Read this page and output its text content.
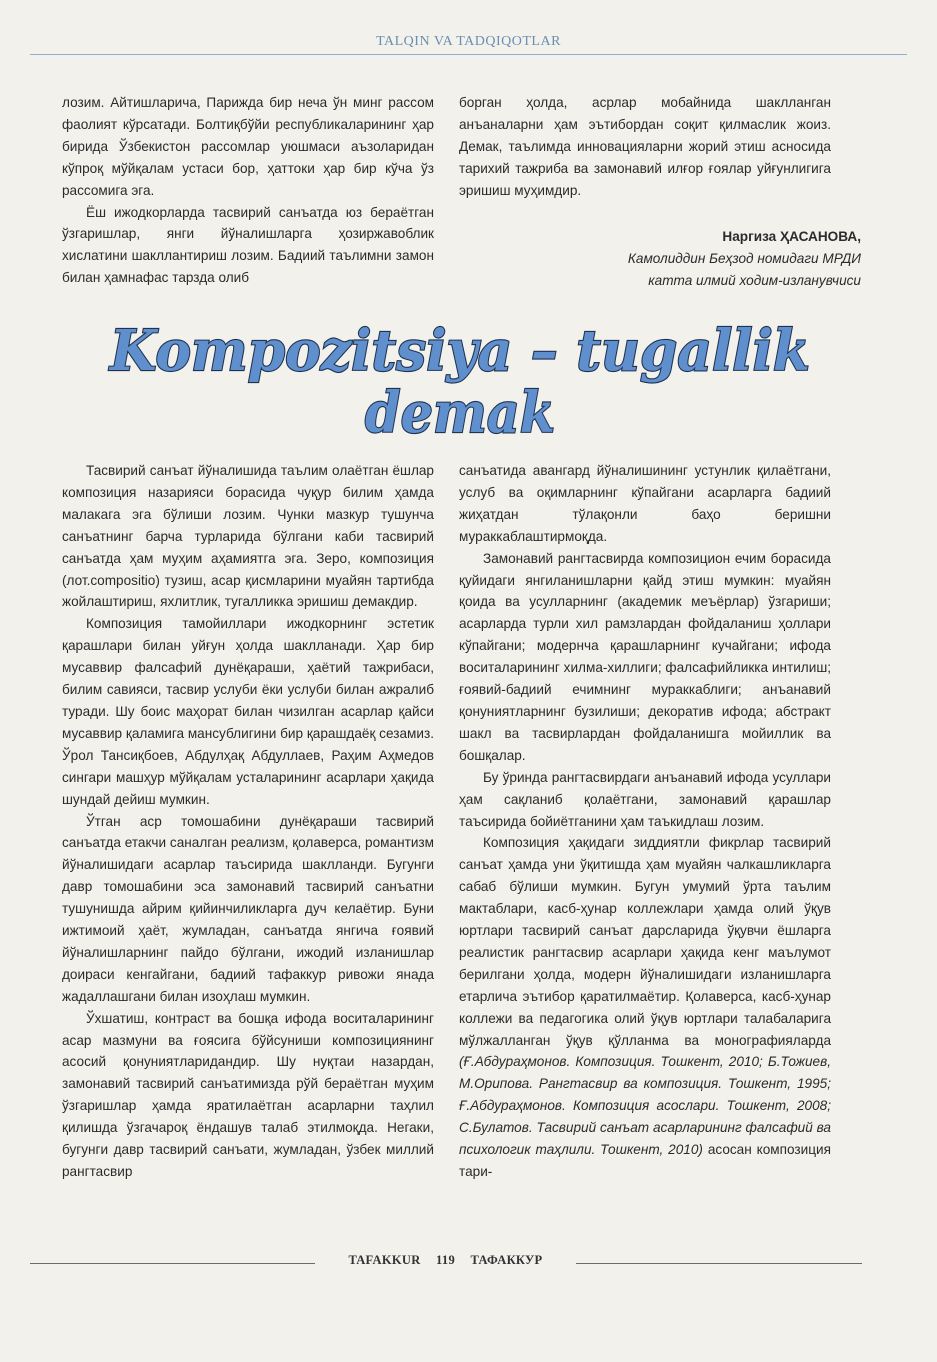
TALQIN VA TADQIQOTLAR

лозим. Айтишларича, Парижда бир неча ўн минг рассом фаолият кўрсатади. Болтиқбўйи республикаларининг ҳар бирида Ўзбекистон рассомлар уюшмаси аъзоларидан кўпроқ мўйқалам устаси бор, ҳаттоки ҳар бир кўча ўз рассомига эга.

Ёш ижодкорларда тасвирий санъатда юз бераётган ўзгаришлар, янги йўналишларга ҳозиржавоблик хислатини шакллантириш лозим. Бадиий таълимни замон билан ҳамнафас тарзда олиб

борган ҳолда, асрлар мобайнида шаклланган анъаналарни ҳам эътибордан соқит қилмаслик жоиз. Демак, таълимда инновацияларни жорий этиш асносида тарихий тажриба ва замонавий илғор ғоялар уйғунлигига эришиш муҳимдир.

Наргиза ҲАСАНОВА,
Камолиддин Беҳзод номидаги МРДИ
катта илмий ходим-изланувчиси
Kompozitsiya – tugallik
demak

Тасвирий санъат йўналишида таълим олаётган ёшлар композиция назарияси борасида чуқур билим ҳамда малакага эга бўлиши лозим. Чунки мазкур тушунча санъатнинг барча турларида бўлгани каби тасвирий санъатда ҳам муҳим аҳамиятга эга. Зеро, композиция (лот.compositio) тузиш, асар қисмларини муайян тартибда жойлаштириш, яхлитлик, тугалликка эришиш демакдир.

Композиция тамойиллари ижодкорнинг эстетик қарашлари билан уйғун ҳолда шаклланади. Ҳар бир мусаввир фалсафий дунёқараши, ҳаётий тажрибаси, билим савияси, тасвир услуби ёки услуби билан ажралиб туради. Шу боис маҳорат билан чизилган асарлар қайси мусаввир қаламига мансублигини бир қарашдаёқ сезамиз. Ўрол Тансиқбоев, Абдулҳақ Абдуллаев, Раҳим Аҳмедов сингари машҳур мўйқалам усталарининг асарлари ҳақида шундай дейиш мумкин.

Ўтган аср томошабини дунёқараши тасвирий санъатда етакчи саналган реализм, қолаверса, романтизм йўналишидаги асарлар таъсирида шаклланди. Бугунги давр томошабини эса замонавий тасвирий санъатни тушунишда айрим қийинчиликларга дуч келаётир. Буни ижтимоий ҳаёт, жумладан, санъатда янгича ғоявий йўналишларнинг пайдо бўлгани, ижодий изланишлар доираси кенгайгани, бадиий тафаккур ривожи янада жадаллашгани билан изоҳлаш мумкин.

Ўхшатиш, контраст ва бошқа ифода воситаларининг асар мазмуни ва ғоясига бўйсуниши композициянинг асосий қонуниятларидандир. Шу нуқтаи назардан, замонавий тасвирий санъатимизда рўй бераётган муҳим ўзгаришлар ҳамда яратилаётган асарларни таҳлил қилишда ўзгачароқ ёндашув талаб этилмоқда. Негаки, бугунги давр тасвирий санъати, жумладан, ўзбек миллий рангтасвир

санъатида авангард йўналишининг устунлик қилаётгани, услуб ва оқимларнинг кўпайгани асарларга бадиий жиҳатдан тўлақонли баҳо беришни мураккаблаштирмоқда.

Замонавий рангтасвирда композицион ечим борасида қуйидаги янгиланишларни қайд этиш мумкин: муайян қоида ва усулларнинг (академик меъёрлар) ўзгариши; асарларда турли хил рамзлардан фойдаланиш ҳоллари кўпайгани; модернча қарашларнинг кучайгани; ифода воситаларининг хилма-хиллиги; фалсафийликка интилиш; ғоявий-бадиий ечимнинг мураккаблиги; анъанавий қонуниятларнинг бузилиши; декоратив ифода; абстракт шакл ва тасвирлардан фойдаланишга мойиллик ва бошқалар.

Бу ўринда рангтасвирдаги анъанавий ифода усуллари ҳам сақланиб қолаётгани, замонавий қарашлар таъсирида бойиётганини ҳам таъкидлаш лозим.

Композиция ҳақидаги зиддиятли фикрлар тасвирий санъат ҳамда уни ўқитишда ҳам муайян чалкашликларга сабаб бўлиши мумкин. Бугун умумий ўрта таълим мактаблари, касб-ҳунар коллежлари ҳамда олий ўқув юртлари тасвирий санъат дарсларида ўқувчи ёшларга реалистик рангтасвир асарлари ҳақида кенг маълумот берилгани ҳолда, модерн йўналишидаги изланишларга етарлича эътибор қаратилмаётир. Қолаверса, касб-ҳунар коллежи ва педагогика олий ўқув юртлари талабаларига мўлжалланган ўқув қўлланма ва монографияларда (Ғ.Абдураҳмонов. Композиция. Тошкент, 2010; Б.Тожиев, М.Орипова. Рангтасвир ва композиция. Тошкент, 1995; Ғ.Абдураҳмонов. Композиция асослари. Тошкент, 2008; С.Булатов. Тасвирий санъат асарларининг фалсафий ва психологик таҳлили. Тошкент, 2010) асосан композиция тари-

TAFAKKUR 119 ТАФАККУР
